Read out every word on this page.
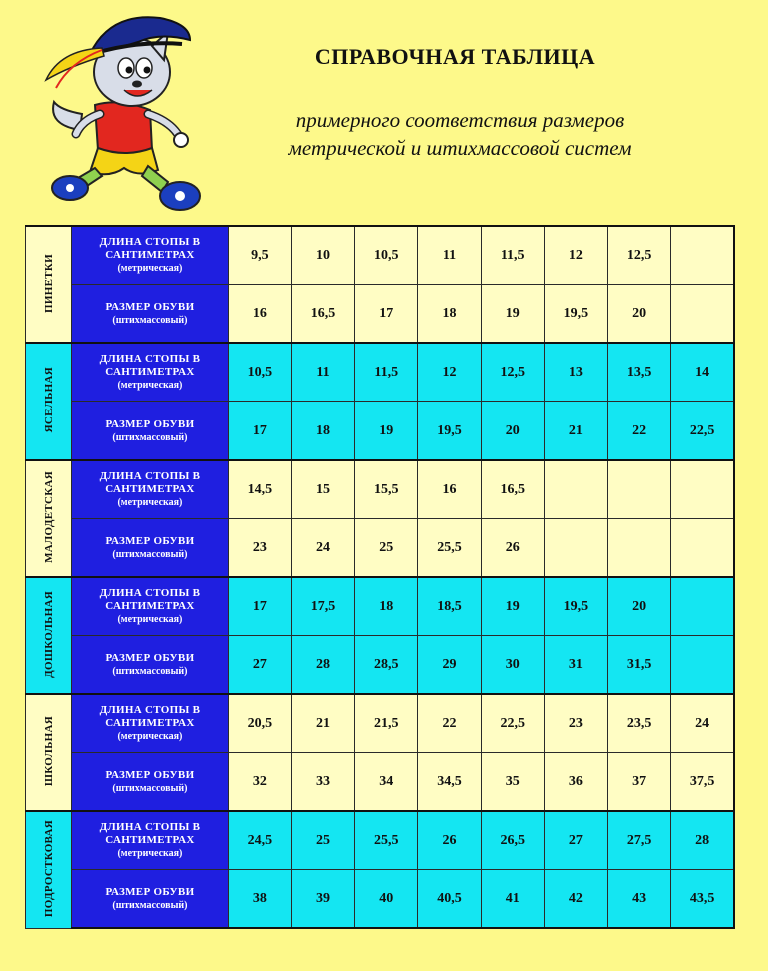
СПРАВОЧНАЯ ТАБЛИЦА
примерного соответствия размеров
метрической и штихмассовой систем
ПИНЕТКИ	ДЛИНА СТОПЫ В
САНТИМЕТРАХ
(метрическая)	9,5	10	10,5	11	11,5	12	12,5	

	РАЗМЕР ОБУВИ
(штихмассовый)	16	16,5	17	18	19	19,5	20	
ЯСЕЛЬНАЯ	ДЛИНА СТОПЫ В
САНТИМЕТРАХ
(метрическая)	10,5	11	11,5	12	12,5	13	13,5	14

	РАЗМЕР ОБУВИ
(штихмассовый)	17	18	19	19,5	20	21	22	22,5
МАЛОДЕТСКАЯ	ДЛИНА СТОПЫ В
САНТИМЕТРАХ
(метрическая)	14,5	15	15,5	16	16,5			

	РАЗМЕР ОБУВИ
(штихмассовый)	23	24	25	25,5	26			
ДОШКОЛЬНАЯ	ДЛИНА СТОПЫ В
САНТИМЕТРАХ
(метрическая)	17	17,5	18	18,5	19	19,5	20	

	РАЗМЕР ОБУВИ
(штихмассовый)	27	28	28,5	29	30	31	31,5	
ШКОЛЬНАЯ	ДЛИНА СТОПЫ В
САНТИМЕТРАХ
(метрическая)	20,5	21	21,5	22	22,5	23	23,5	24

	РАЗМЕР ОБУВИ
(штихмассовый)	32	33	34	34,5	35	36	37	37,5
ПОДРОСТКОВАЯ	ДЛИНА СТОПЫ В
САНТИМЕТРАХ
(метрическая)	24,5	25	25,5	26	26,5	27	27,5	28

	РАЗМЕР ОБУВИ
(штихмассовый)	38	39	40	40,5	41	42	43	43,5
